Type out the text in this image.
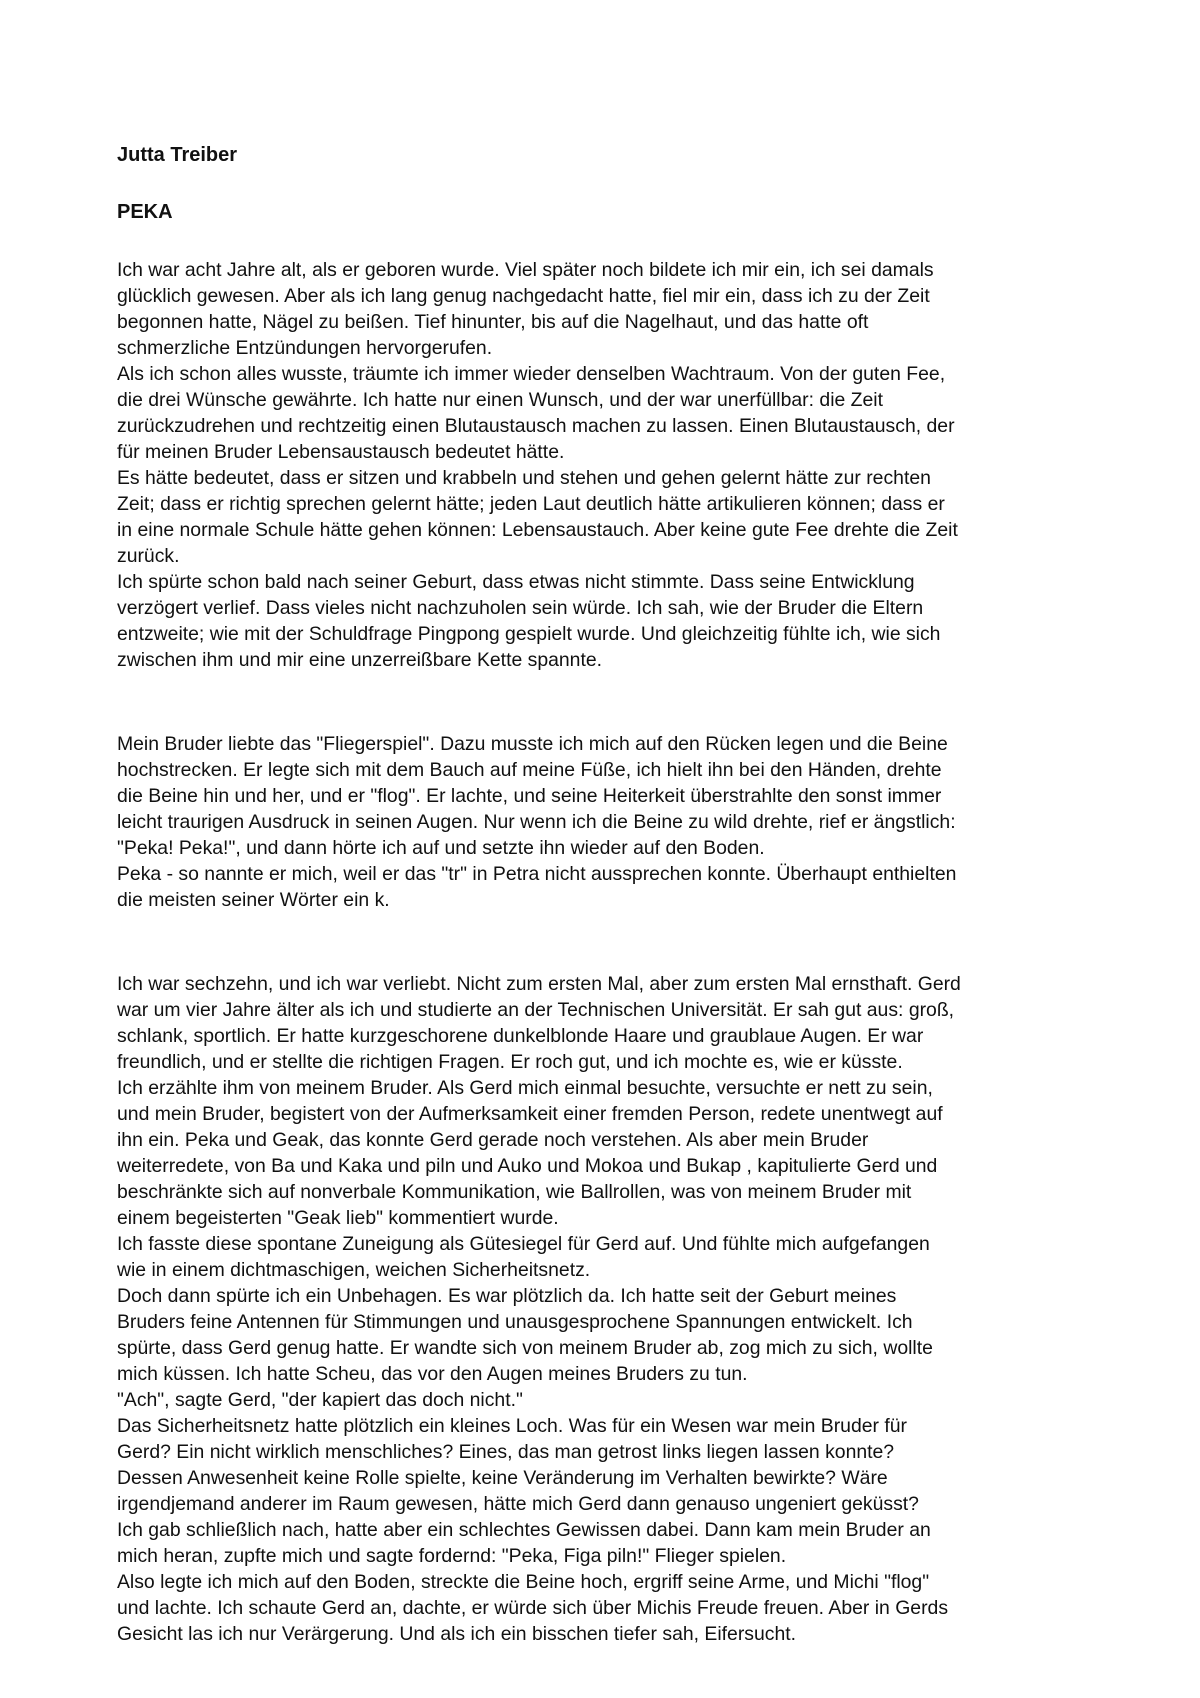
Jutta Treiber
PEKA

Ich war acht Jahre alt, als er geboren wurde. Viel später noch bildete ich mir ein, ich sei damals

glücklich gewesen. Aber als ich lang genug nachgedacht hatte, fiel mir ein, dass ich zu der Zeit

begonnen hatte, Nägel zu beißen. Tief hinunter, bis auf die Nagelhaut, und das hatte oft

schmerzliche Entzündungen hervorgerufen.

Als ich schon alles wusste, träumte ich immer wieder denselben Wachtraum. Von der guten Fee,

die drei Wünsche gewährte. Ich hatte nur einen Wunsch, und der war unerfüllbar: die Zeit

zurückzudrehen und rechtzeitig einen Blutaustausch machen zu lassen. Einen Blutaustausch, der

für meinen Bruder Lebensaustausch bedeutet hätte.

Es hätte bedeutet, dass er sitzen und krabbeln und stehen und gehen gelernt hätte zur rechten

Zeit; dass er richtig sprechen gelernt hätte; jeden Laut deutlich hätte artikulieren können; dass er

in eine normale Schule hätte gehen können: Lebensaustauch. Aber keine gute Fee drehte die Zeit

zurück.

Ich spürte schon bald nach seiner Geburt, dass etwas nicht stimmte. Dass seine Entwicklung

verzögert verlief. Dass vieles nicht nachzuholen sein würde. Ich sah, wie der Bruder die Eltern

entzweite; wie mit der Schuldfrage Pingpong gespielt wurde. Und gleichzeitig fühlte ich, wie sich

zwischen ihm und mir eine unzerreißbare Kette spannte.

Mein Bruder liebte das "Fliegerspiel". Dazu musste ich mich auf den Rücken legen und die Beine

hochstrecken. Er legte sich mit dem Bauch auf meine Füße, ich hielt ihn bei den Händen, drehte

die Beine hin und her, und er "flog". Er lachte, und seine Heiterkeit überstrahlte den sonst immer

leicht traurigen Ausdruck in seinen Augen. Nur wenn ich die Beine zu wild drehte, rief er ängstlich:

"Peka! Peka!", und dann hörte ich auf und setzte ihn wieder auf den Boden.

Peka - so nannte er mich, weil er das "tr" in Petra nicht aussprechen konnte. Überhaupt enthielten

die meisten seiner Wörter ein k.

Ich war sechzehn, und ich war verliebt. Nicht zum ersten Mal, aber zum ersten Mal ernsthaft. Gerd

war um vier Jahre älter als ich und studierte an der Technischen Universität. Er sah gut aus: groß,

schlank, sportlich. Er hatte kurzgeschorene dunkelblonde Haare und graublaue Augen. Er war

freundlich, und er stellte die richtigen Fragen. Er roch gut, und ich mochte es, wie er küsste.

Ich erzählte ihm von meinem Bruder. Als Gerd mich einmal besuchte, versuchte er nett zu sein,

und mein Bruder, begistert von der Aufmerksamkeit einer fremden Person, redete unentwegt auf

ihn ein. Peka und Geak, das konnte Gerd gerade noch verstehen. Als aber mein Bruder

weiterredete, von Ba und Kaka und piln und Auko und Mokoa und Bukap , kapitulierte Gerd und

beschränkte sich auf nonverbale Kommunikation, wie Ballrollen, was von meinem Bruder mit

einem begeisterten "Geak lieb" kommentiert wurde.

Ich fasste diese spontane Zuneigung als Gütesiegel für Gerd auf. Und fühlte mich aufgefangen

wie in einem dichtmaschigen, weichen Sicherheitsnetz.

Doch dann spürte ich ein Unbehagen. Es war plötzlich da. Ich hatte seit der Geburt meines

Bruders feine Antennen für Stimmungen und unausgesprochene Spannungen entwickelt. Ich

spürte, dass Gerd genug hatte. Er wandte sich von meinem Bruder ab, zog mich zu sich, wollte

mich küssen. Ich hatte Scheu, das vor den Augen meines Bruders zu tun.

"Ach", sagte Gerd, "der kapiert das doch nicht."

Das Sicherheitsnetz hatte plötzlich ein kleines Loch. Was für ein Wesen war mein Bruder für

Gerd? Ein nicht wirklich menschliches? Eines, das man getrost links liegen lassen konnte?

Dessen Anwesenheit keine Rolle spielte, keine Veränderung im Verhalten bewirkte? Wäre

irgendjemand anderer im Raum gewesen, hätte mich Gerd dann genauso ungeniert geküsst?

Ich gab schließlich nach, hatte aber ein schlechtes Gewissen dabei. Dann kam mein Bruder an

mich heran, zupfte mich und sagte fordernd: "Peka, Figa piln!" Flieger spielen.

Also legte ich mich auf den Boden, streckte die Beine hoch, ergriff seine Arme, und Michi "flog"

und lachte. Ich schaute Gerd an, dachte, er würde sich über Michis Freude freuen. Aber in Gerds

Gesicht las ich nur Verärgerung. Und als ich ein bisschen tiefer sah, Eifersucht.
